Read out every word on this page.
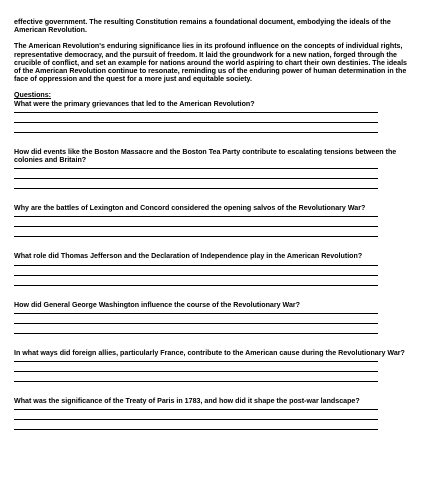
effective government. The resulting Constitution remains a foundational document, embodying the ideals of the American Revolution.

The American Revolution's enduring significance lies in its profound influence on the concepts of individual rights, representative democracy, and the pursuit of freedom. It laid the groundwork for a new nation, forged through the crucible of conflict, and set an example for nations around the world aspiring to chart their own destinies. The ideals of the American Revolution continue to resonate, reminding us of the enduring power of human determination in the face of oppression and the quest for a more just and equitable society.

Questions:

What were the primary grievances that led to the American Revolution?

How did events like the Boston Massacre and the Boston Tea Party contribute to escalating tensions between the colonies and Britain?

Why are the battles of Lexington and Concord considered the opening salvos of the Revolutionary War?

What role did Thomas Jefferson and the Declaration of Independence play in the American Revolution?

How did General George Washington influence the course of the Revolutionary War?

In what ways did foreign allies, particularly France, contribute to the American cause during the Revolutionary War?

What was the significance of the Treaty of Paris in 1783, and how did it shape the post-war landscape?
